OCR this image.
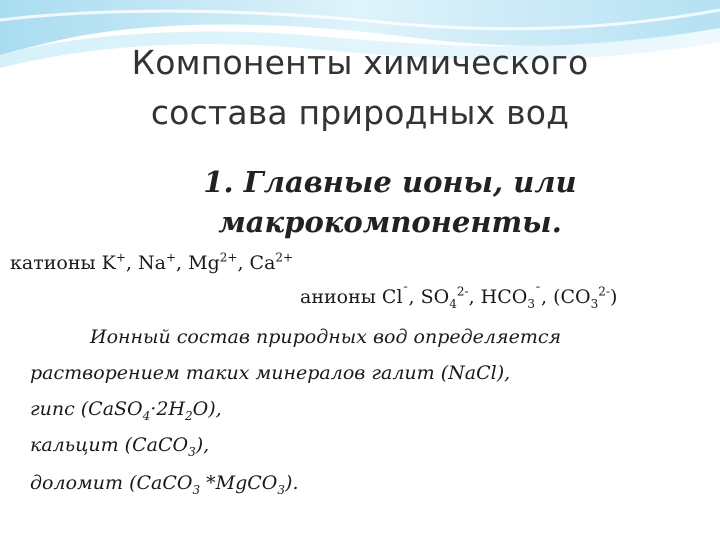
Компоненты химического
состава природных вод
1. Главные ионы, или
макрокомпоненты.
катионы K+, Na+, $Mg^{2+}$, $Ca^{2+}$
анионы $Cl^ˉ$, $SO_4^{2-}$, $HCO_3^ˉ$, $(CO_3^{2-})$
Ионный состав природных вод определяется
растворением таких минералов галит (NaCl),
гипс $(CaSO_4\cdot 2H_2O)$,
кальцит (CaCO$_3$),
доломит (CaCO$_3$ *MgCO$_3$).
